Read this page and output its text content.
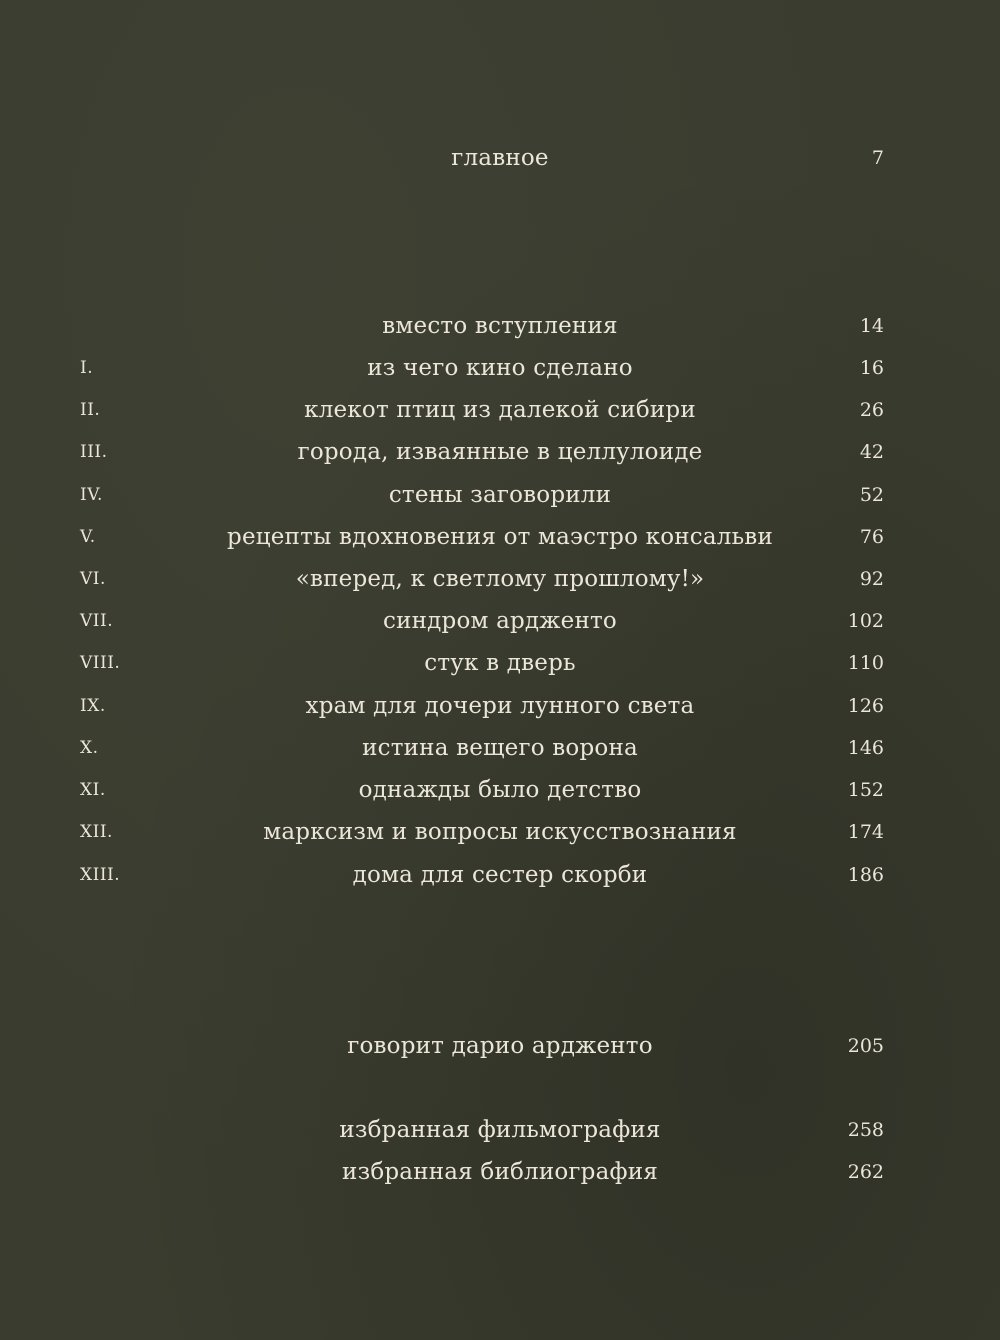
главное	7
вместо вступления	14
I.	из чего кино сделано	16
II.	клекот птиц из далекой сибири	26
III.	города, изваянные в целлулоиде	42
IV.	стены заговорили	52
V.	рецепты вдохновения от маэстро консальви	76
VI.	«вперед, к светлому прошлому!»	92
VII.	синдром ардженто	102
VIII.	стук в дверь	110
IX.	храм для дочери лунного света	126
X.	истина вещего ворона	146
XI.	однажды было детство	152
XII.	марксизм и вопросы искусствознания	174
XIII.	дома для сестер скорби	186
говорит дарио ардженто	205
избранная фильмография	258
избранная библиография	262
